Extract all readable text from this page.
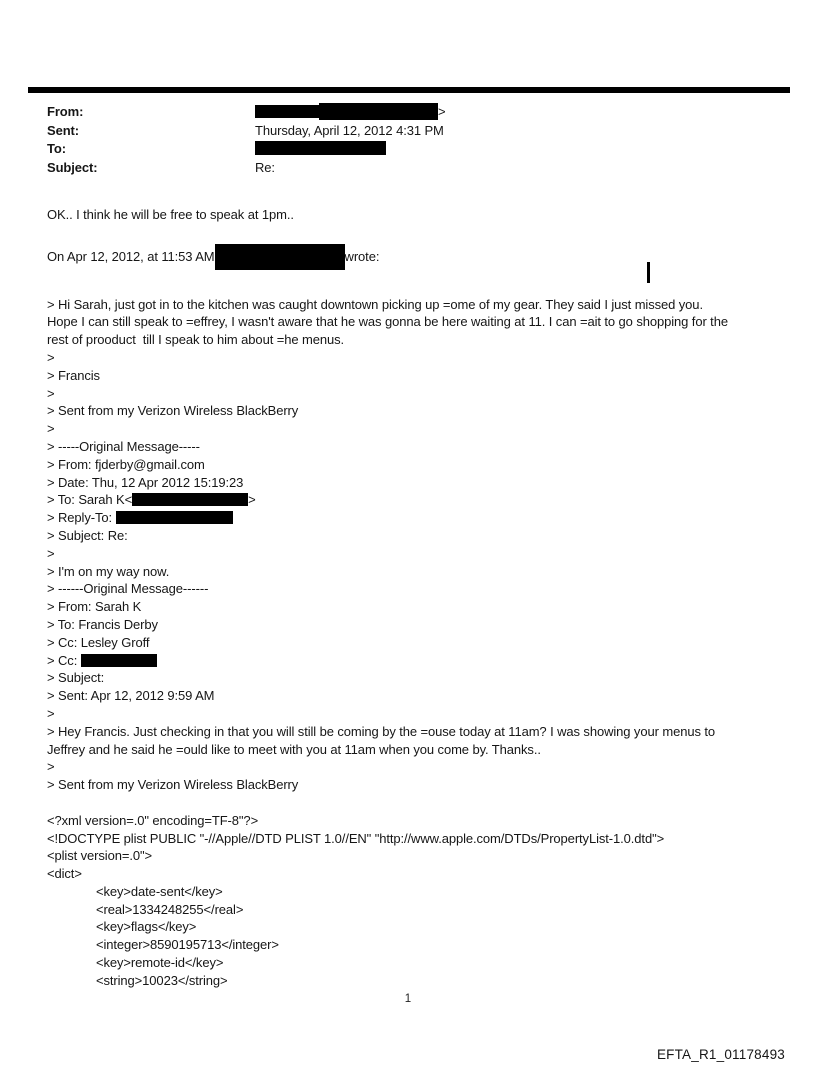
From:	>
Sent:	Thursday, April 12, 2012 4:31 PM
To:
Subject:	Re:
OK.. I think he will be free to speak at 1pm..
On Apr 12, 2012, at 11:53 AM	wrote:
> Hi Sarah, just got in to the kitchen was caught downtown picking up =ome of my gear. They said I just missed you.
Hope I can still speak to =effrey, I wasn't aware that he was gonna be here waiting at 11. I can =ait to go shopping for the
rest of prooduct  till I speak to him about =he menus.
>
> Francis
>
> Sent from my Verizon Wireless BlackBerry
>
> -----Original Message-----
> From: fjderby@gmail.com
> Date: Thu, 12 Apr 2012 15:19:23
> To: Sarah K<	>
> Reply-To:
> Subject: Re:
>
> I'm on my way now.
> ------Original Message------
> From: Sarah K
> To: Francis Derby
> Cc: Lesley Groff
> Cc:
> Subject:
> Sent: Apr 12, 2012 9:59 AM
>
> Hey Francis. Just checking in that you will still be coming by the =ouse today at 11am? I was showing your menus to
Jeffrey and he said he =ould like to meet with you at 11am when you come by. Thanks..
>
> Sent from my Verizon Wireless BlackBerry
<?xml version=.0" encoding=TF-8"?>
<!DOCTYPE plist PUBLIC "-//Apple//DTD PLIST 1.0//EN" "http://www.apple.com/DTDs/PropertyList-1.0.dtd">
<plist version=.0">
<dict>
<key>date-sent</key>
<real>1334248255</real>
<key>flags</key>
<integer>8590195713</integer>
<key>remote-id</key>
<string>10023</string>
1
EFTA_R1_01178493
